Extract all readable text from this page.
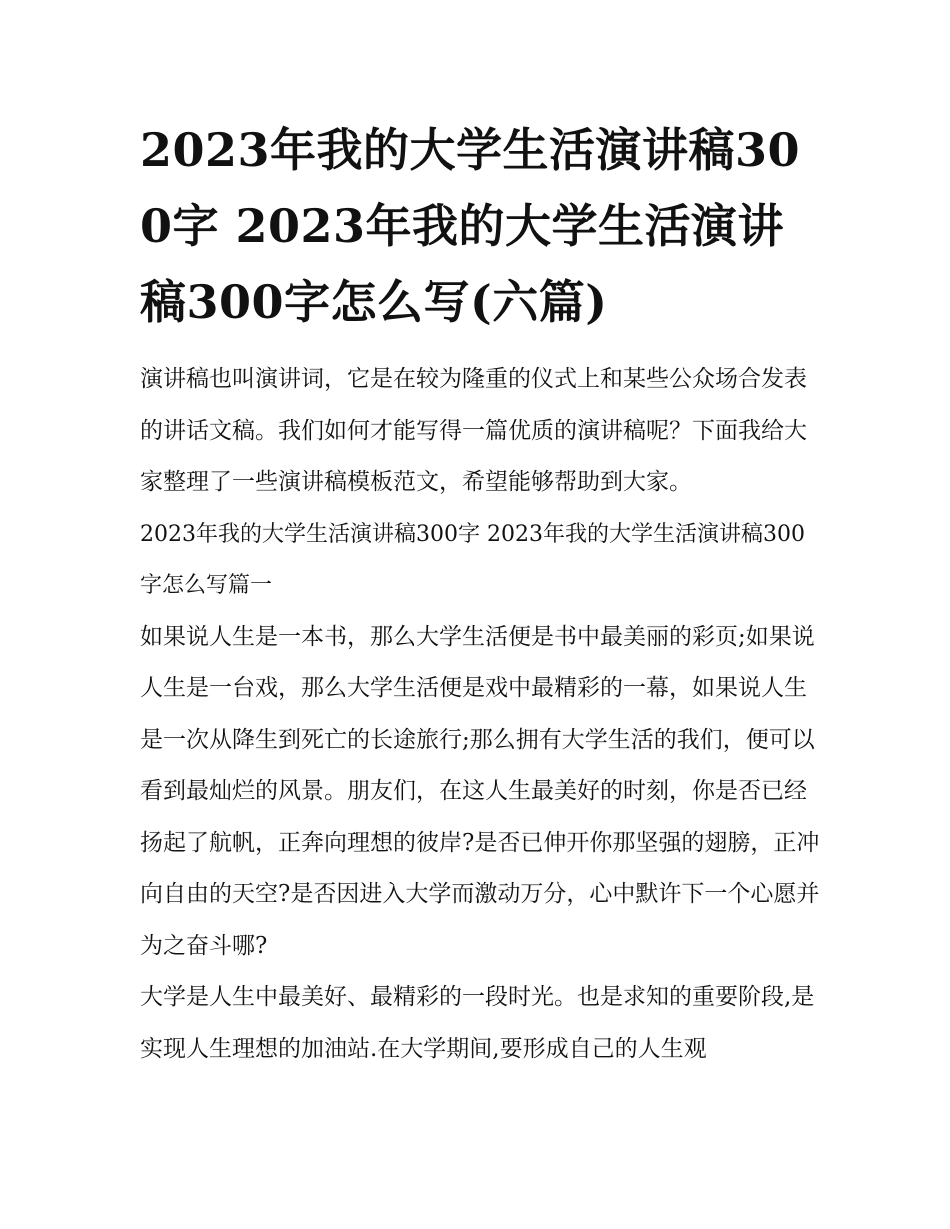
2023年我的大学生活演讲稿300字 2023年我的大学生活演讲稿300字怎么写(六篇)

演讲稿也叫演讲词，它是在较为隆重的仪式上和某些公众场合发表的讲话文稿。我们如何才能写得一篇优质的演讲稿呢？下面我给大家整理了一些演讲稿模板范文，希望能够帮助到大家。

2023年我的大学生活演讲稿300字 2023年我的大学生活演讲稿300字怎么写篇一

如果说人生是一本书，那么大学生活便是书中最美丽的彩页;如果说人生是一台戏，那么大学生活便是戏中最精彩的一幕，如果说人生是一次从降生到死亡的长途旅行;那么拥有大学生活的我们，便可以看到最灿烂的风景。朋友们，在这人生最美好的时刻，你是否已经扬起了航帆，正奔向理想的彼岸?是否已伸开你那坚强的翅膀，正冲向自由的天空?是否因进入大学而激动万分，心中默许下一个心愿并为之奋斗哪?

大学是人生中最美好、最精彩的一段时光。也是求知的重要阶段,是实现人生理想的加油站.在大学期间,要形成自己的人生观
